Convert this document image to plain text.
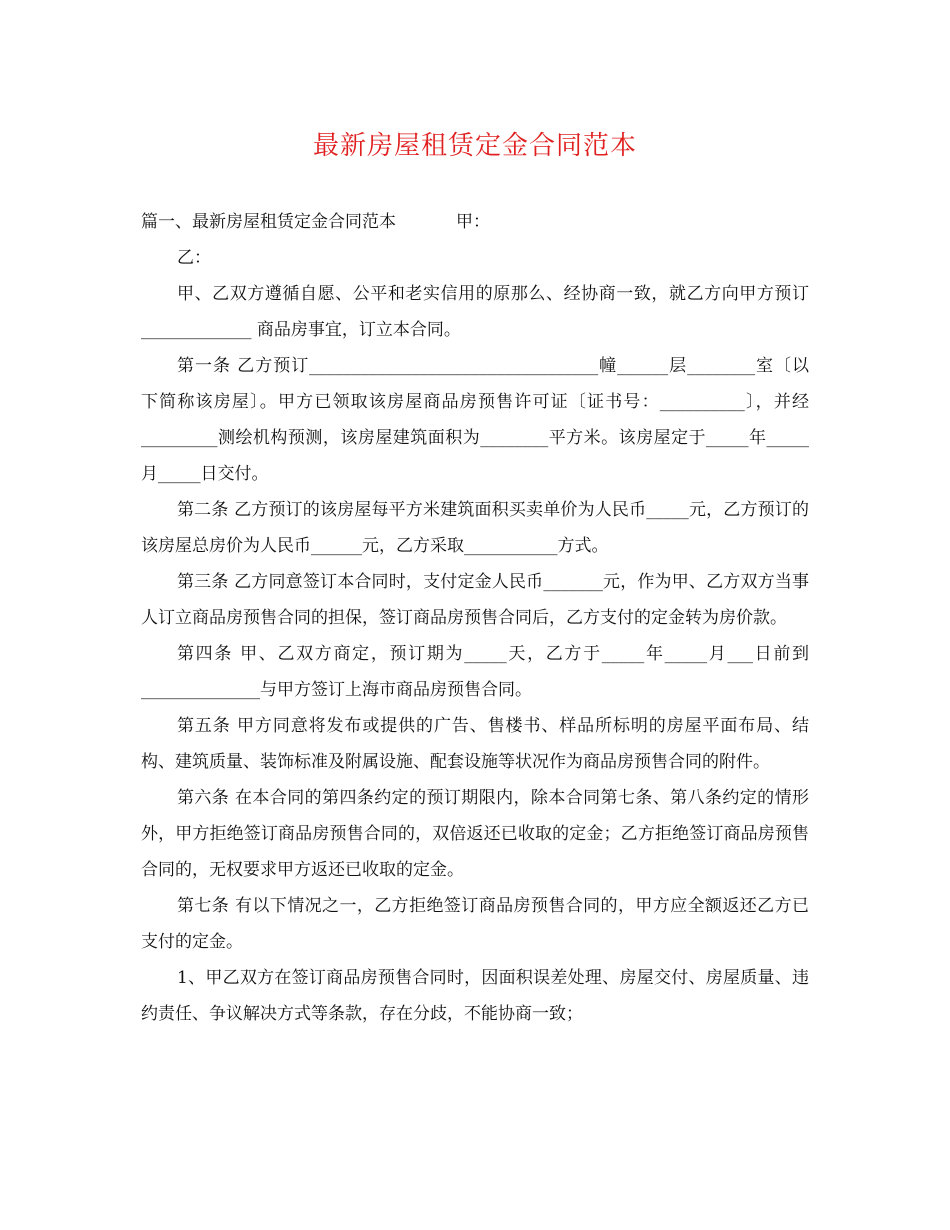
最新房屋租赁定金合同范本

篇一、最新房屋租赁定金合同范本	甲：

乙：

甲、乙双方遵循自愿、公平和老实信用的原那么、经协商一致，就乙方向甲方预订 _____________ 商品房事宜，订立本合同。

第一条 乙方预订__________________________________幢______层________室〔以下简称该房屋〕。甲方已领取该房屋商品房预售许可证〔证书号：__________〕，并经_________测绘机构预测，该房屋建筑面积为________平方米。该房屋定于_____年_____月_____日交付。

第二条 乙方预订的该房屋每平方米建筑面积买卖单价为人民币_____元，乙方预订的该房屋总房价为人民币______元，乙方采取___________方式。

第三条 乙方同意签订本合同时，支付定金人民币_______元，作为甲、乙方双方当事人订立商品房预售合同的担保，签订商品房预售合同后，乙方支付的定金转为房价款。

第四条 甲、乙双方商定，预订期为_____天，乙方于_____年_____月___日前到______________与甲方签订上海市商品房预售合同。

第五条 甲方同意将发布或提供的广告、售楼书、样品所标明的房屋平面布局、结构、建筑质量、装饰标准及附属设施、配套设施等状况作为商品房预售合同的附件。

第六条 在本合同的第四条约定的预订期限内，除本合同第七条、第八条约定的情形外，甲方拒绝签订商品房预售合同的，双倍返还已收取的定金；乙方拒绝签订商品房预售合同的，无权要求甲方返还已收取的定金。

第七条 有以下情况之一，乙方拒绝签订商品房预售合同的，甲方应全额返还乙方已支付的定金。

1、甲乙双方在签订商品房预售合同时，因面积误差处理、房屋交付、房屋质量、违约责任、争议解决方式等条款，存在分歧，不能协商一致；
